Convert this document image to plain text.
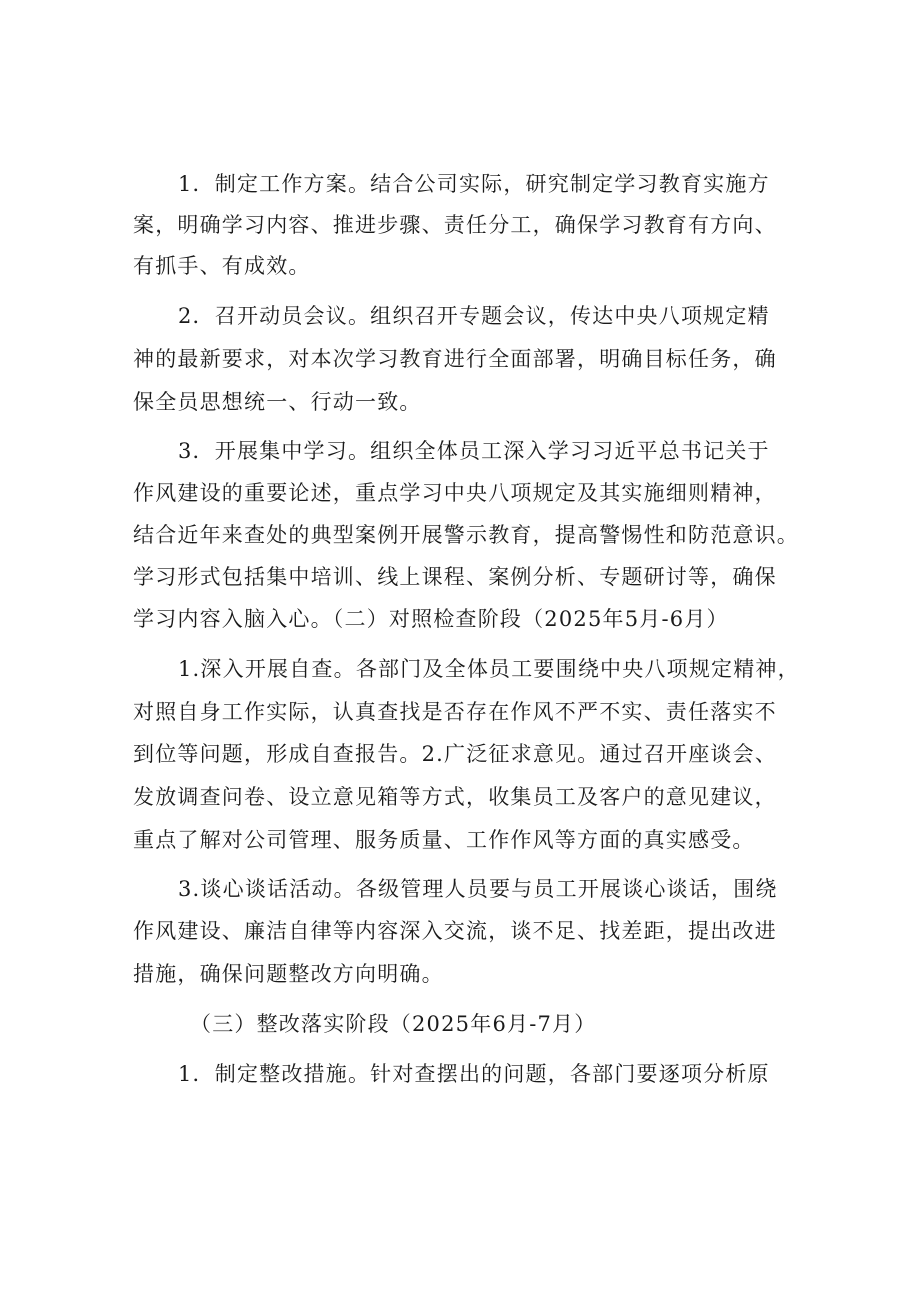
1．制定工作方案。结合公司实际，研究制定学习教育实施方
案，明确学习内容、推进步骤、责任分工，确保学习教育有方向、
有抓手、有成效。
2．召开动员会议。组织召开专题会议，传达中央八项规定精
神的最新要求，对本次学习教育进行全面部署，明确目标任务，确
保全员思想统一、行动一致。
3．开展集中学习。组织全体员工深入学习习近平总书记关于
作风建设的重要论述，重点学习中央八项规定及其实施细则精神，
结合近年来查处的典型案例开展警示教育，提高警惕性和防范意识。
学习形式包括集中培训、线上课程、案例分析、专题研讨等，确保
学习内容入脑入心。（二）对照检查阶段（2025年5月-6月）
1.深入开展自查。各部门及全体员工要围绕中央八项规定精神，
对照自身工作实际，认真查找是否存在作风不严不实、责任落实不
到位等问题，形成自查报告。2.广泛征求意见。通过召开座谈会、
发放调查问卷、设立意见箱等方式，收集员工及客户的意见建议，
重点了解对公司管理、服务质量、工作作风等方面的真实感受。
3.谈心谈话活动。各级管理人员要与员工开展谈心谈话，围绕
作风建设、廉洁自律等内容深入交流，谈不足、找差距，提出改进
措施，确保问题整改方向明确。
（三）整改落实阶段（2025年6月-7月）
1．制定整改措施。针对查摆出的问题，各部门要逐项分析原
